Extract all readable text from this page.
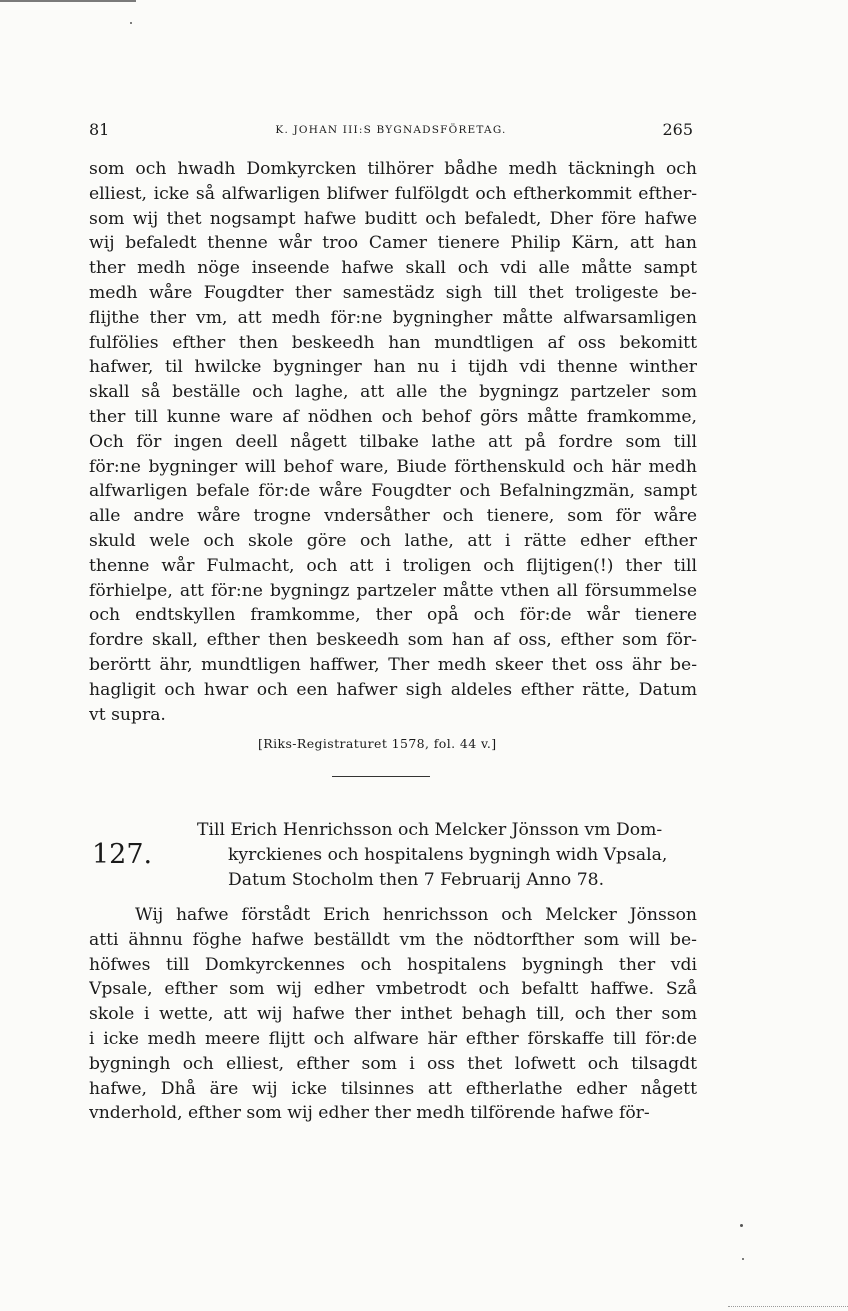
81	K. JOHAN III:S BYGNADSFÖRETAG.	265
som och hwadh Domkyrcken tilhörer bådhe medh täckningh och
elliest, icke så alfwarligen blifwer fulfölgdt och eftherkommit efther-
som wij thet nogsampt hafwe buditt och befaledt, Dher före hafwe
wij befaledt thenne wår troo Camer tienere Philip Kärn, att han
ther medh nöge inseende hafwe skall och vdi alle måtte sampt
medh wåre Fougdter ther samestädz sigh till thet troligeste be-
flijthe ther vm, att medh för:ne bygningher måtte alfwarsamligen
fulfölies efther then beskeedh han mundtligen af oss bekomitt
hafwer, til hwilcke bygninger han nu i tijdh vdi thenne winther
skall så beställe och laghe, att alle the bygningz partzeler som
ther till kunne ware af nödhen och behof görs måtte framkomme,
Och för ingen deell någett tilbake lathe att på fordre som till
för:ne bygninger will behof ware, Biude förthenskuld och här medh
alfwarligen befale för:de wåre Fougdter och Befalningzmän, sampt
alle andre wåre trogne vndersåther och tienere, som för wåre
skuld wele och skole göre och lathe, att i rätte edher efther
thenne wår Fulmacht, och att i troligen och flijtigen(!) ther till
förhielpe, att för:ne bygningz partzeler måtte vthen all försummelse
och endtskyllen framkomme, ther opå och för:de wår tienere
fordre skall, efther then beskeedh som han af oss, efther som för-
berörtt ähr, mundtligen haffwer, Ther medh skeer thet oss ähr be-
hagligit och hwar och een hafwer sigh aldeles efther rätte, Datum
vt supra.
[Riks-Registraturet 1578, fol. 44 v.]
127.
Till Erich Henrichsson och Melcker Jönsson vm Dom-
kyrckienes och hospitalens bygningh widh Vpsala,
Datum Stocholm then 7 Februarij Anno 78.
Wij hafwe förstådt Erich henrichsson och Melcker Jönsson
atti ähnnu föghe hafwe beställdt vm the nödtorfther som will be-
höfwes till Domkyrckennes och hospitalens bygningh ther vdi
Vpsale, efther som wij edher vmbetrodt och befaltt haffwe. Szå
skole i wette, att wij hafwe ther inthet behagh till, och ther som
i icke medh meere flijtt och alfware här efther förskaffe till för:de
bygningh och elliest, efther som i oss thet lofwett och tilsagdt
hafwe, Dhå äre wij icke tilsinnes att eftherlathe edher någett
vnderhold, efther som wij edher ther medh tilförende hafwe för-
